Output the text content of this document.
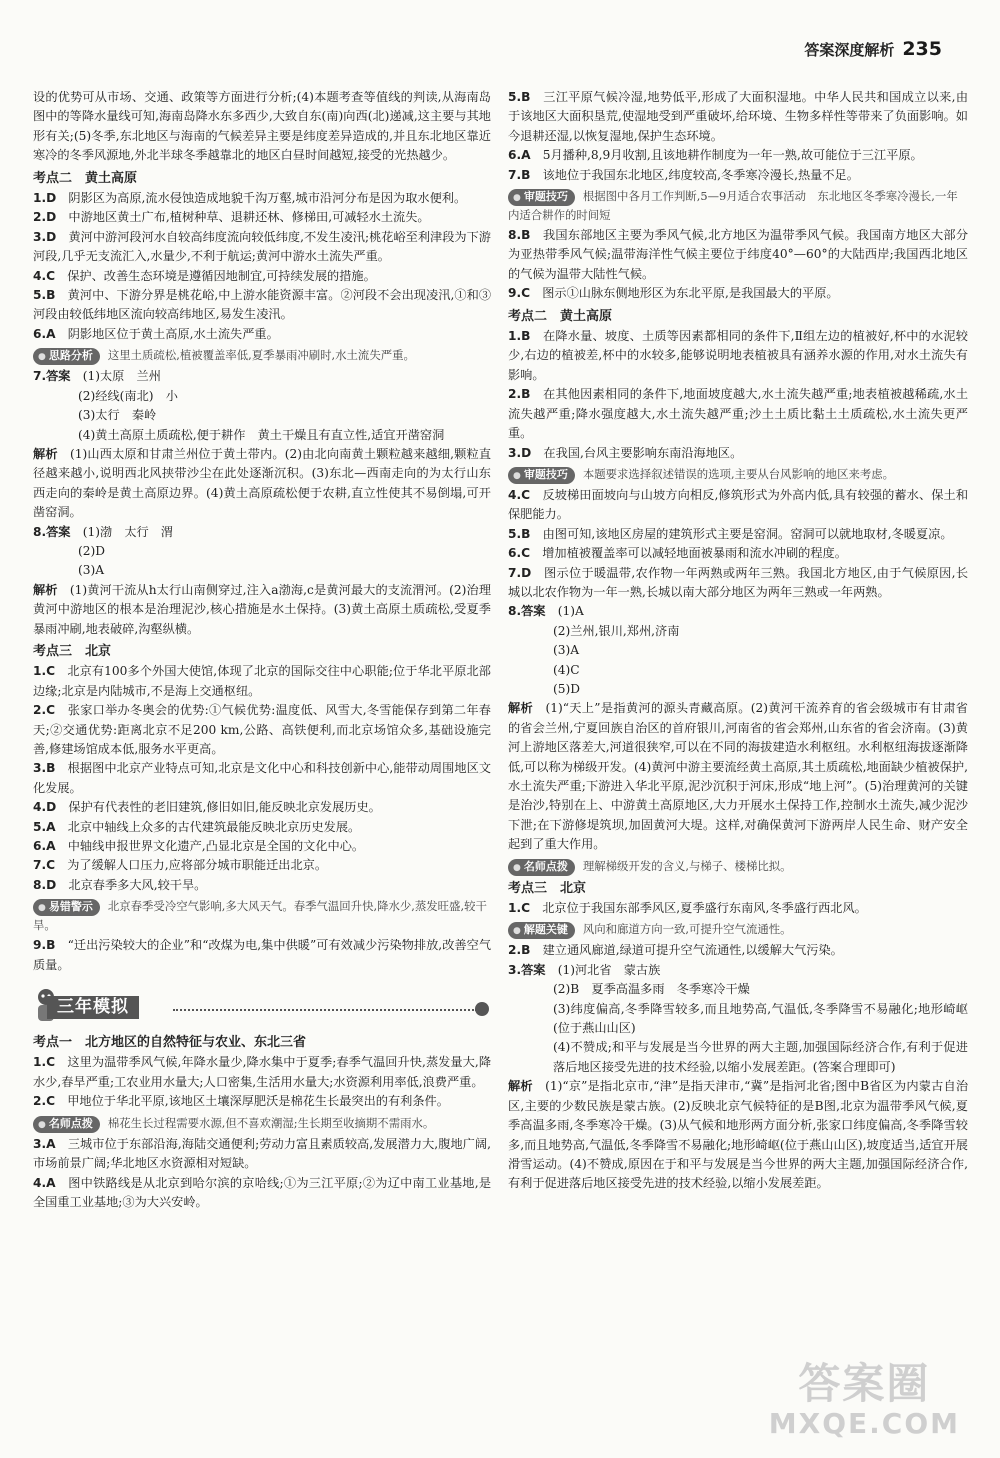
答案深度解析 235

设的优势可从市场、交通、政策等方面进行分析;(4)本题考查等值线的判读,从海南岛图中的等降水量线可知,海南岛降水东多西少,大致自东(南)向西(北)递减,这主要与其地形有关;(5)冬季,东北地区与海南的气候差异主要是纬度差异造成的,并且东北地区靠近寒冷的冬季风源地,外北半球冬季越靠北的地区白昼时间越短,接受的光热越少。

考点二　黄土高原

1.D　 阴影区为高原,流水侵蚀造成地貌千沟万壑,城市沿河分布是因为取水便利。

2.D　 中游地区黄土广布,植树种草、退耕还林、修梯田,可减轻水土流失。

3.D　 黄河中游河段河水自较高纬度流向较低纬度,不发生凌汛;桃花峪至利津段为下游河段,几乎无支流汇入,水量少,不利于航运;黄河中游水土流失严重。

4.C　 保护、改善生态环境是遵循因地制宜,可持续发展的措施。

5.B　 黄河中、下游分界是桃花峪,中上游水能资源丰富。②河段不会出现凌汛,①和③河段由较低纬地区流向较高纬地区,易发生凌汛。

6.A　 阴影地区位于黄土高原,水土流失严重。

● 思路分析 这里土质疏松,植被覆盖率低,夏季暴雨冲刷时,水土流失严重。

7.答案　 (1)太原　兰州

(2)经线(南北)　小

(3)太行　秦岭

(4)黄土高原土质疏松,便于耕作　黄土干燥且有直立性,适宜开凿窑洞

解析　 (1)山西太原和甘肃兰州位于黄土带内。(2)由北向南黄土颗粒越来越细,颗粒直径越来越小,说明西北风挟带沙尘在此处逐渐沉积。(3)东北—西南走向的为太行山东西走向的秦岭是黄土高原边界。(4)黄土高原疏松便于农耕,直立性使其不易倒塌,可开凿窑洞。

8.答案　 (1)渤　太行　渭

(2)D

(3)A

解析　 (1)黄河干流从h太行山南侧穿过,注入a渤海,c是黄河最大的支流渭河。(2)治理黄河中游地区的根本是治理泥沙,核心措施是水土保持。(3)黄土高原土质疏松,受夏季暴雨冲刷,地表破碎,沟壑纵横。

考点三　北京

1.C　 北京有100多个外国大使馆,体现了北京的国际交往中心职能;位于华北平原北部边缘;北京是内陆城市,不是海上交通枢纽。

2.C　 张家口举办冬奥会的优势:①气候优势:温度低、风雪大,冬雪能保存到第二年春天;②交通优势:距离北京不足200 km,公路、高铁便利,而北京场馆众多,基础设施完善,修建场馆成本低,服务水平更高。

3.B　 根据图中北京产业特点可知,北京是文化中心和科技创新中心,能带动周围地区文化发展。

4.D　 保护有代表性的老旧建筑,修旧如旧,能反映北京发展历史。

5.A　 北京中轴线上众多的古代建筑最能反映北京历史发展。

6.A　 中轴线申报世界文化遗产,凸显北京是全国的文化中心。

7.C　 为了缓解人口压力,应将部分城市职能迁出北京。

8.D　 北京春季多大风,较干旱。

● 易错警示 北京春季受冷空气影响,多大风天气。春季气温回升快,降水少,蒸发旺盛,较干旱。

9.B　 “迁出污染较大的企业”和“改煤为电,集中供暖”可有效减少污染物排放,改善空气质量。

三年模拟
考点一　北方地区的自然特征与农业、东北三省

1.C　 这里为温带季风气候,年降水量少,降水集中于夏季;春季气温回升快,蒸发量大,降水少,春旱严重;工农业用水量大;人口密集,生活用水量大;水资源利用率低,浪费严重。

2.C　 甲地位于华北平原,该地区土壤深厚肥沃是棉花生长最突出的有利条件。

● 名师点拨 棉花生长过程需要水源,但不喜欢潮湿;生长期至收摘期不需雨水。

3.A　 三城市位于东部沿海,海陆交通便利;劳动力富且素质较高,发展潜力大,腹地广阔,市场前景广阔;华北地区水资源相对短缺。

4.A　 图中铁路线是从北京到哈尔滨的京哈线;①为三江平原;②为辽中南工业基地,是全国重工业基地;③为大兴安岭。

5.B　 三江平原气候冷湿,地势低平,形成了大面积湿地。中华人民共和国成立以来,由于该地区大面积垦荒,使湿地受到严重破坏,给环境、生物多样性等带来了负面影响。如今退耕还湿,以恢复湿地,保护生态环境。

6.A　 5月播种,8,9月收割,且该地耕作制度为一年一熟,故可能位于三江平原。

7.B　 该地位于我国东北地区,纬度较高,冬季寒冷漫长,热量不足。

● 审题技巧 根据图中各月工作判断,5—9月适合农事活动　东北地区冬季寒冷漫长,一年内适合耕作的时间短

8.B　 我国东部地区主要为季风气候,北方地区为温带季风气候。我国南方地区大部分为亚热带季风气候;温带海洋性气候主要位于纬度40°—60°的大陆西岸;我国西北地区的气候为温带大陆性气候。

9.C　 图示①山脉东侧地形区为东北平原,是我国最大的平原。

考点二　黄土高原

1.B　 在降水量、坡度、土质等因素都相同的条件下,Ⅱ组左边的植被好,杯中的水泥较少,右边的植被差,杯中的水较多,能够说明地表植被具有涵养水源的作用,对水土流失有影响。

2.B　 在其他因素相同的条件下,地面坡度越大,水土流失越严重;地表植被越稀疏,水土流失越严重;降水强度越大,水土流失越严重;沙土土质比黏土土质疏松,水土流失更严重。

3.D　 在我国,台风主要影响东南沿海地区。

● 审题技巧 本题要求选择叙述错误的选项,主要从台风影响的地区来考虑。

4.C　 反坡梯田面坡向与山坡方向相反,修筑形式为外高内低,具有较强的蓄水、保土和保肥能力。

5.B　 由图可知,该地区房屋的建筑形式主要是窑洞。窑洞可以就地取材,冬暖夏凉。

6.C　 增加植被覆盖率可以减轻地面被暴雨和流水冲刷的程度。

7.D　 图示位于暖温带,农作物一年两熟或两年三熟。我国北方地区,由于气候原因,长城以北农作物为一年一熟,长城以南大部分地区为两年三熟或一年两熟。

8.答案　 (1)A

(2)兰州,银川,郑州,济南

(3)A

(4)C

(5)D

解析　 (1)“天上”是指黄河的源头青藏高原。(2)黄河干流养育的省会级城市有甘肃省的省会兰州,宁夏回族自治区的首府银川,河南省的省会郑州,山东省的省会济南。(3)黄河上游地区落差大,河道很狭窄,可以在不同的海拔建造水利枢纽。水利枢纽海拔逐渐降低,可以称为梯级开发。(4)黄河中游主要流经黄土高原,其土质疏松,地面缺少植被保护,水土流失严重;下游进入华北平原,泥沙沉积于河床,形成“地上河”。(5)治理黄河的关键是治沙,特别在上、中游黄土高原地区,大力开展水土保持工作,控制水土流失,减少泥沙下泄;在下游修堤筑坝,加固黄河大堤。这样,对确保黄河下游两岸人民生命、财产安全起到了重大作用。

● 名师点拨 理解梯级开发的含义,与梯子、楼梯比拟。
考点三　北京

1.C　 北京位于我国东部季风区,夏季盛行东南风,冬季盛行西北风。

● 解题关键 风向和廊道方向一致,可提升空气流通性。

2.B　 建立通风廊道,绿道可提升空气流通性,以缓解大气污染。

3.答案　 (1)河北省　蒙古族

(2)B　夏季高温多雨　冬季寒冷干燥

(3)纬度偏高,冬季降雪较多,而且地势高,气温低,冬季降雪不易融化;地形崎岖(位于燕山山区)

(4)不赞成;和平与发展是当今世界的两大主题,加强国际经济合作,有利于促进落后地区接受先进的技术经验,以缩小发展差距。(答案合理即可)

解析　 (1)“京”是指北京市,“津”是指天津市,“冀”是指河北省;图中B省区为内蒙古自治区,主要的少数民族是蒙古族。(2)反映北京气候特征的是B图,北京为温带季风气候,夏季高温多雨,冬季寒冷干燥。(3)从气候和地形两方面分析,张家口纬度偏高,冬季降雪较多,而且地势高,气温低,冬季降雪不易融化;地形崎岖(位于燕山山区),坡度适当,适宜开展滑雪运动。(4)不赞成,原因在于和平与发展是当今世界的两大主题,加强国际经济合作,有利于促进落后地区接受先进的技术经验,以缩小发展差距。

答案圈
MXQE.COM
